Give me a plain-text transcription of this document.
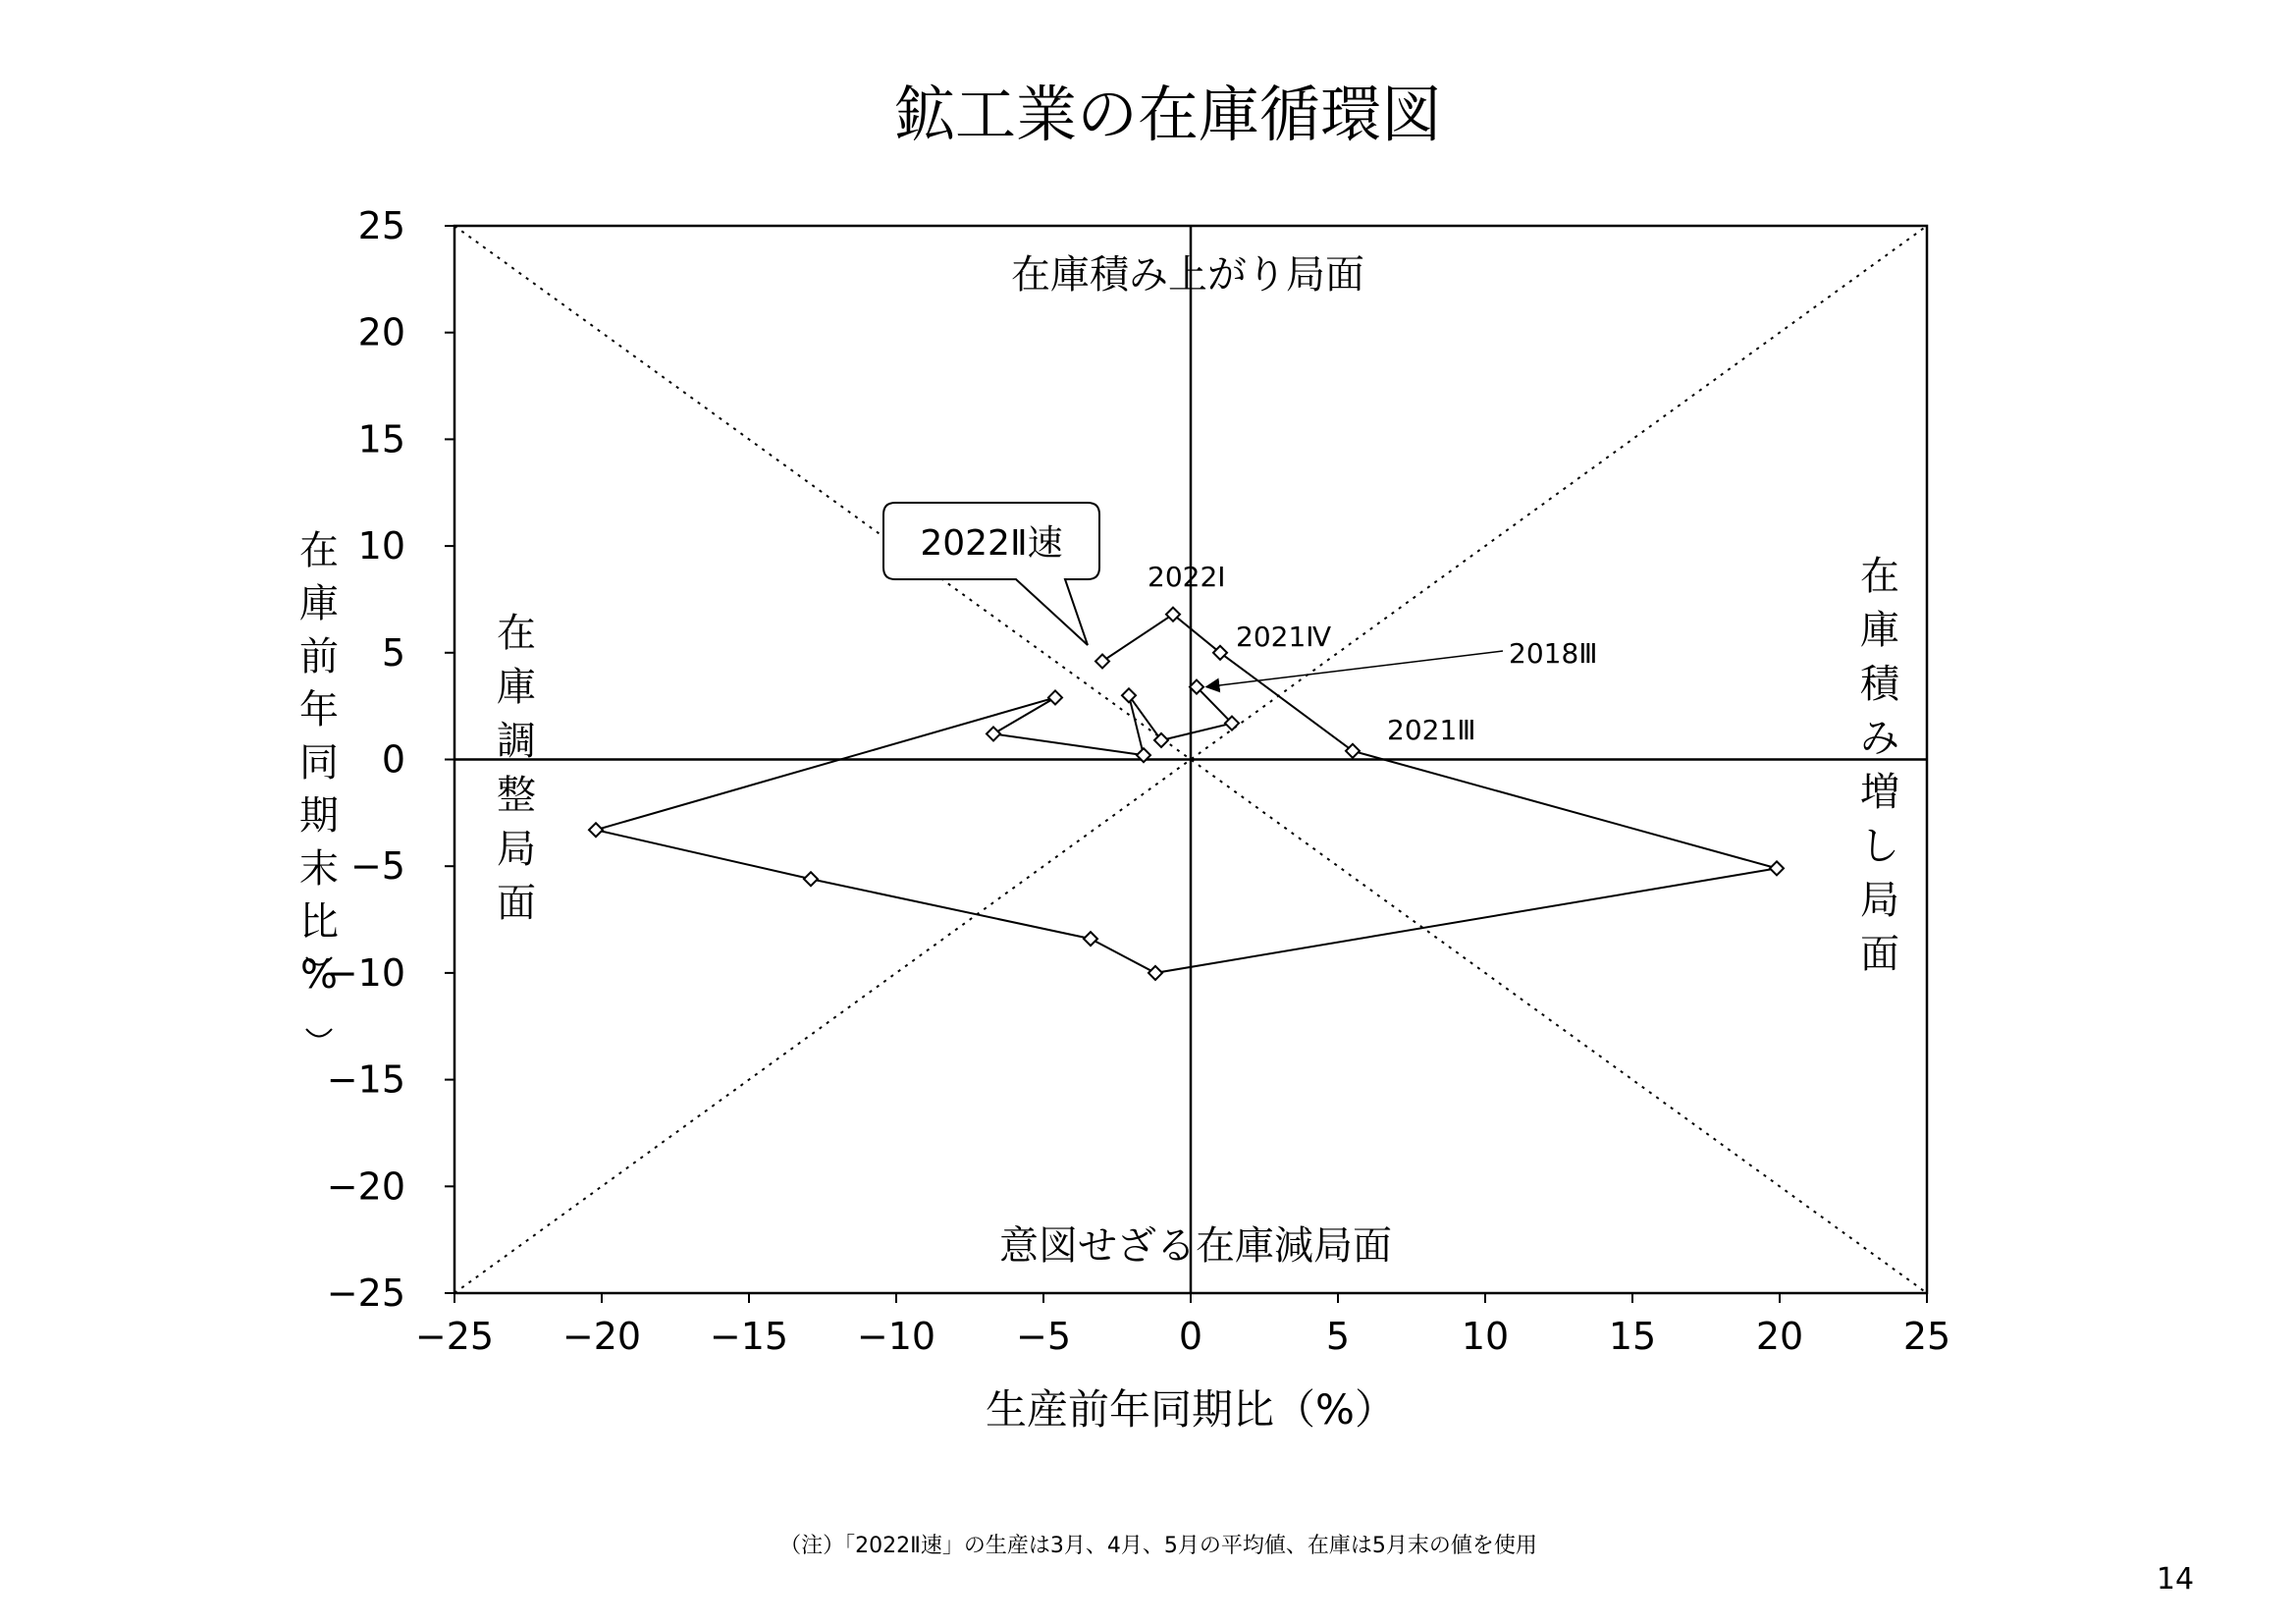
鉱工業の在庫循環図
−25 −20 −15 −10 −5	0	5	10	15	20	25
−25
−20
−15
−10
−5
0
5
10
15
20
25
2018Ⅲ
2021Ⅲ
2021Ⅳ
2022Ⅰ
在庫積み上がり局面
意図せざる在庫減局面
在
庫
調
整
局
面
在
庫
積
み
増
し
局
面
2022Ⅱ速
生産前年同期比（%）
在
庫
前
年
同
期
末
比
%
（注）「2022Ⅱ速」の生産は3月、4月、5月の平均値、在庫は5月末の値を使用
14
